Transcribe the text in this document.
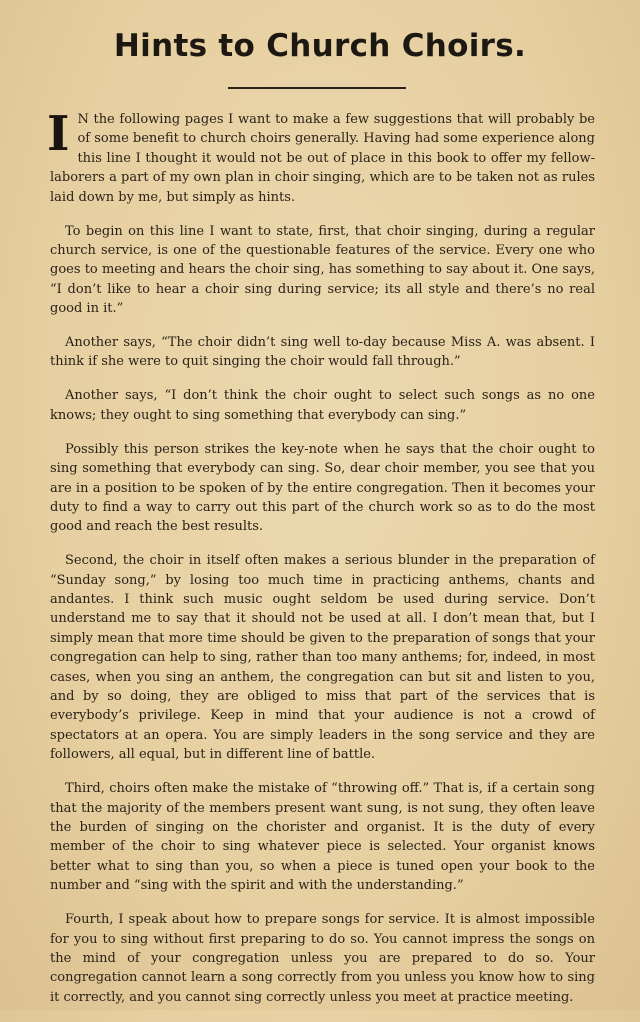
Hints to Church Choirs.

I N the following pages I want to make a few suggestions that will probably be of some benefit to church choirs generally. Having had some experience along this line I thought it would not be out of place in this book to offer my fellow-laborers a part of my own plan in choir singing, which are to be taken not as rules laid down by me, but simply as hints.

To begin on this line I want to state, first, that choir singing, during a regular church service, is one of the questionable features of the service. Every one who goes to meeting and hears the choir sing, has something to say about it. One says, “I don’t like to hear a choir sing during service; its all style and there’s no real good in it.”

Another says, “The choir didn’t sing well to-day because Miss A. was absent. I think if she were to quit singing the choir would fall through.”

Another says, “I don’t think the choir ought to select such songs as no one knows; they ought to sing something that everybody can sing.”

Possibly this person strikes the key-note when he says that the choir ought to sing something that everybody can sing. So, dear choir member, you see that you are in a position to be spoken of by the entire congregation. Then it becomes your duty to find a way to carry out this part of the church work so as to do the most good and reach the best results.

Second, the choir in itself often makes a serious blunder in the preparation of “Sunday song,” by losing too much time in practicing anthems, chants and andantes. I think such music ought seldom be used during service. Don’t understand me to say that it should not be used at all. I don’t mean that, but I simply mean that more time should be given to the preparation of songs that your congregation can help to sing, rather than too many anthems; for, indeed, in most cases, when you sing an anthem, the congregation can but sit and listen to you, and by so doing, they are obliged to miss that part of the services that is everybody’s privilege. Keep in mind that your audience is not a crowd of spectators at an opera. You are simply leaders in the song service and they are followers, all equal, but in different line of battle.

Third, choirs often make the mistake of “throwing off.” That is, if a certain song that the majority of the members present want sung, is not sung, they often leave the burden of singing on the chorister and organist. It is the duty of every member of the choir to sing whatever piece is selected. Your organist knows better what to sing than you, so when a piece is tuned open your book to the number and “sing with the spirit and with the understanding.”

Fourth, I speak about how to prepare songs for service. It is almost impossible for you to sing without first preparing to do so. You cannot impress the songs on the mind of your congregation unless you are prepared to do so. Your congregation cannot learn a song correctly from you unless you know how to sing it correctly, and you cannot sing correctly unless you meet at practice meeting.
